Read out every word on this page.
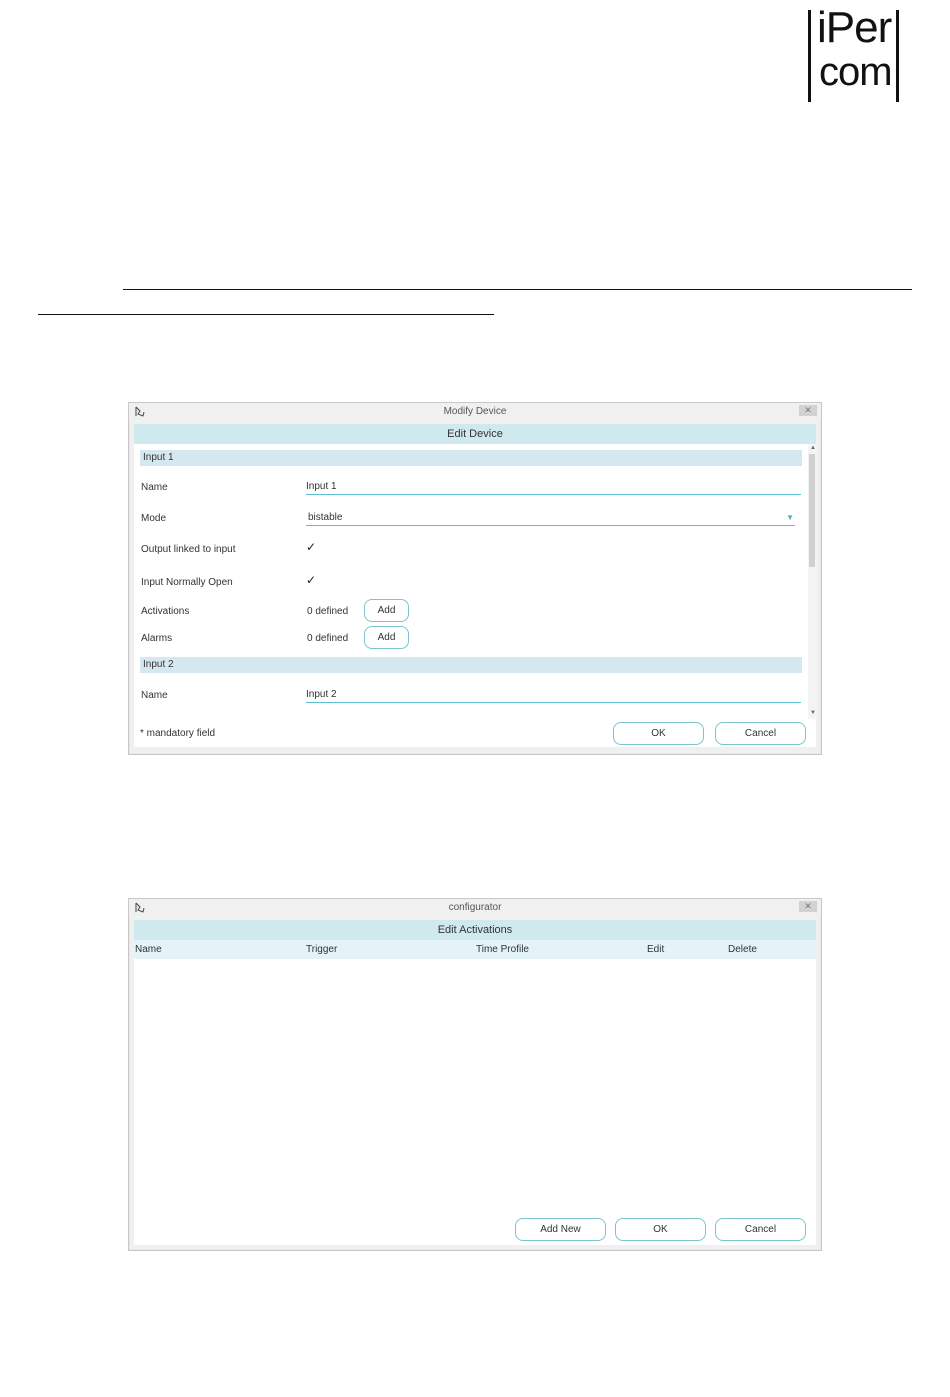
iPer
com
Modify Device	✕
Edit Device
Input 1
Name	Input 1
Mode	bistable	▼
Output linked to input	✓
Input Normally Open	✓
Activations	0 defined	Add
Alarms	0 defined	Add
Input 2
Name	Input 2
▲
▼
* mandatory field	OK	Cancel
configurator	✕
Edit Activations
Name	Trigger	Time Profile	Edit	Delete
Add New	OK	Cancel
